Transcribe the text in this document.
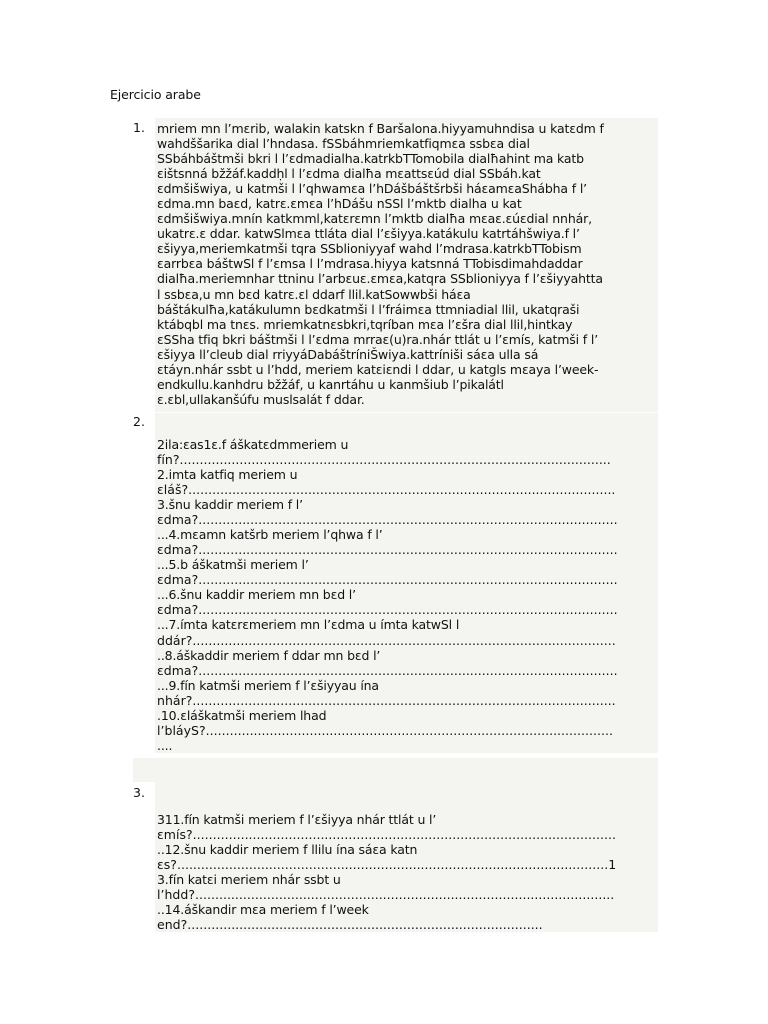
Ejercicio arabe
1. mriem mn l’mɛrib, walakin katskn f Baršalona.hiyyamuhndisa u katɛdm f
wahdššarika dial l’hndasa. fSSbáhmriemkatfiqmɛa ssbɛa dial
SSbáhbáštmši bkri l l’ɛdmadialha.katrkbTTomobila dialħahint ma katb
ɛištsnná bžžáf.kaddḥl l l’ɛdma dialħa mɛattsɛúd dial SSbáh.kat
ɛdmšišwiya, u katmši l l’qhwamɛa l’hDášbáštšrbši háɛamɛaShábha f l’
ɛdma.mn baɛd, katrɛ.ɛmɛa l’hDášu nSSl l’mktb dialha u kat
ɛdmšišwiya.mnín katkmml,katɛrɛmn l’mktb dialħa mɛaɛ.ɛúɛdial nnhár,
ukatrɛ.ɛ ddar. katwSlmɛa ttláta dial l’ɛšiyya.katákulu katrtáhšwiya.f l’
ɛšiyya,meriemkatmši tqra SSblioniyyaf wahd l’mdrasa.katrkbTTobism
ɛarrbɛa báštwSl f l’ɛmsa l l’mdrasa.hiyya katsnná TTobisdimahdaddar
dialħa.meriemnhar ttninu l’arbɛuɛ.ɛmɛa,katqra SSblioniyya f l’ɛšiyyahtta
l ssbɛa,u mn bɛd katrɛ.ɛl ddarf llil.katSowwbši háɛa
báštákulħa,katákulumn bɛdkatmši l l’fráimɛa ttmniadial llil, ukatqraši
ktábqbl ma tnɛs. mriemkatnɛsbkri,tqríban mɛa l’ɛšra dial llil,hintkay
ɛSSha tfiq bkri báštmši l l’ɛdma mrraɛ(u)ra.nhár ttlát u l’ɛmís, katmši f l’
ɛšiyya ll’cleub dial rriyyáDabáštríniŠwiya.kattríniši sáɛa ulla sá
ɛtáyn.nhár ssbt u l’hdd, meriem katɛiɛndi l ddar, u katgls mɛaya l’week-
endkullu.kanhdru bžžáf, u kanrtáhu u kanmšiub l’pikalátl
ɛ.ɛbl,ullakanšúfu muslsalát f ddar.
2.
2ila:ɛas1ɛ.f áškatɛdmmeriem u
fín?............................................................................................................
2.imta katfiq meriem u
ɛláš?...........................................................................................................
3.šnu kaddir meriem f l’
ɛdma?.........................................................................................................
...4.mɛamn katšrb meriem l’qhwa f l’
ɛdma?.........................................................................................................
...5.b áškatmši meriem l’
ɛdma?.........................................................................................................
...6.šnu kaddir meriem mn bɛd l’
ɛdma?.........................................................................................................
...7.ímta katɛrɛmeriem mn l’ɛdma u ímta katwSl l
ddár?..........................................................................................................
..8.áškaddir meriem f ddar mn bɛd l’
ɛdma?.........................................................................................................
...9.fín katmši meriem f l’ɛšiyyau ína
nhár?..........................................................................................................
.10.ɛláškatmši meriem lhad
l’bláyS?......................................................................................................
....
3.
311.fín katmši meriem f l’ɛšiyya nhár ttlát u l’
ɛmís?..........................................................................................................
..12.šnu kaddir meriem f llilu ína sáɛa katn
ɛs?............................................................................................................1
3.fín katɛi meriem nhár ssbt u
l’hdd?.........................................................................................................
..14.áškandir mɛa meriem f l’week
end?.........................................................................................
